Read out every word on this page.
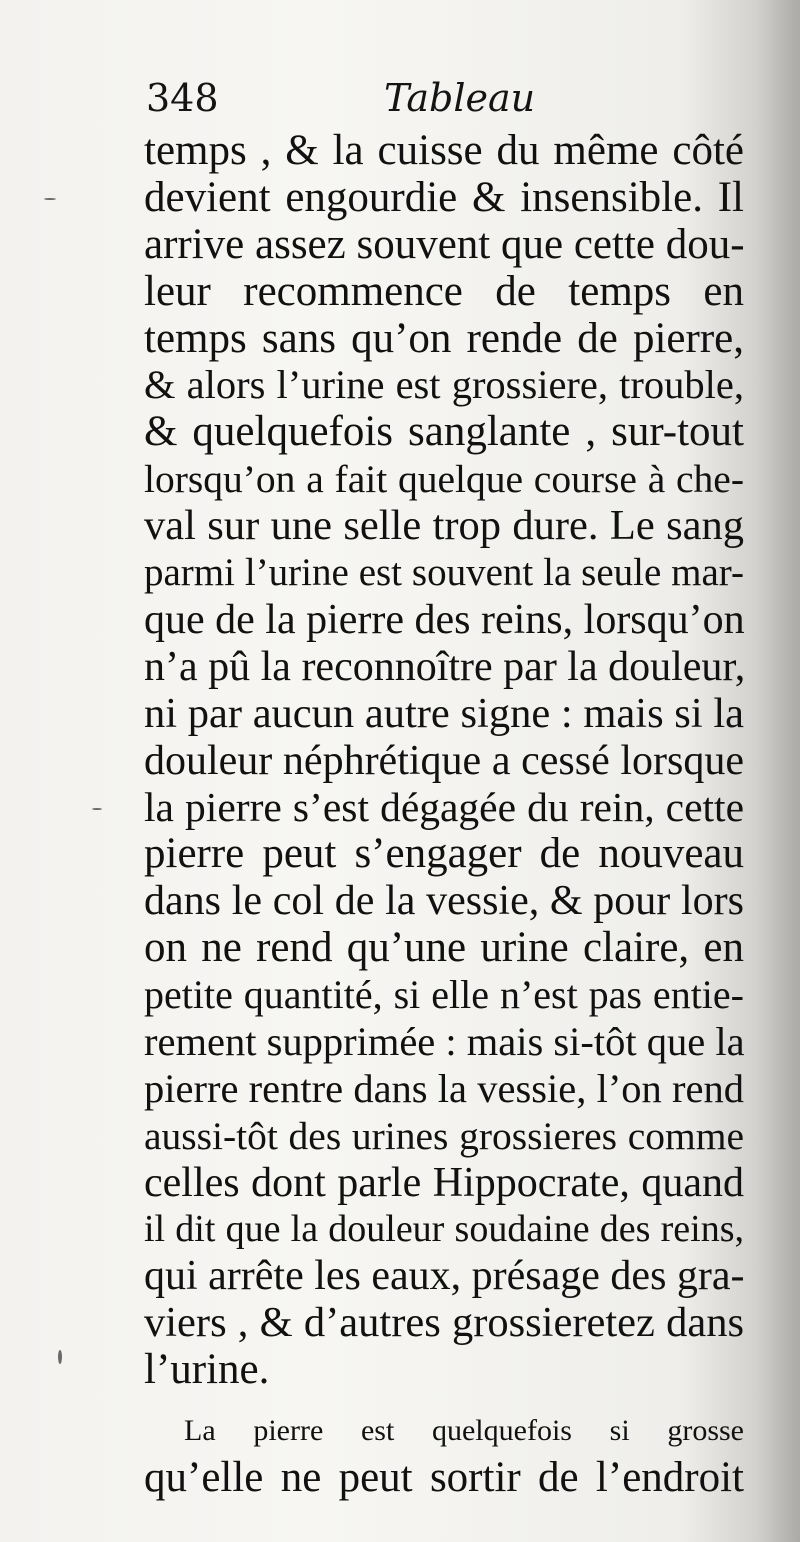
348	Tableau
temps , & la cuisse du même côté
devient engourdie & insensible. Il
arrive assez souvent que cette dou-
leur recommence de temps en
temps sans qu’on rende de pierre,
& alors l’urine est grossiere, trouble,
& quelquefois sanglante , sur-tout
lorsqu’on a fait quelque course à che-
val sur une selle trop dure. Le sang
parmi l’urine est souvent la seule mar-
que de la pierre des reins, lorsqu’on
n’a pû la reconnoître par la douleur,
ni par aucun autre signe : mais si la
douleur néphrétique a cessé lorsque
la pierre s’est dégagée du rein, cette
pierre peut s’engager de nouveau
dans le col de la vessie, & pour lors
on ne rend qu’une urine claire, en
petite quantité, si elle n’est pas entie-
rement supprimée : mais si-tôt que la
pierre rentre dans la vessie, l’on rend
aussi-tôt des urines grossieres comme
celles dont parle Hippocrate, quand
il dit que la douleur soudaine des reins,
qui arrête les eaux, présage des gra-
viers , & d’autres grossieretez dans
l’urine.
La pierre est quelquefois si grosse
qu’elle ne peut sortir de l’endroit
